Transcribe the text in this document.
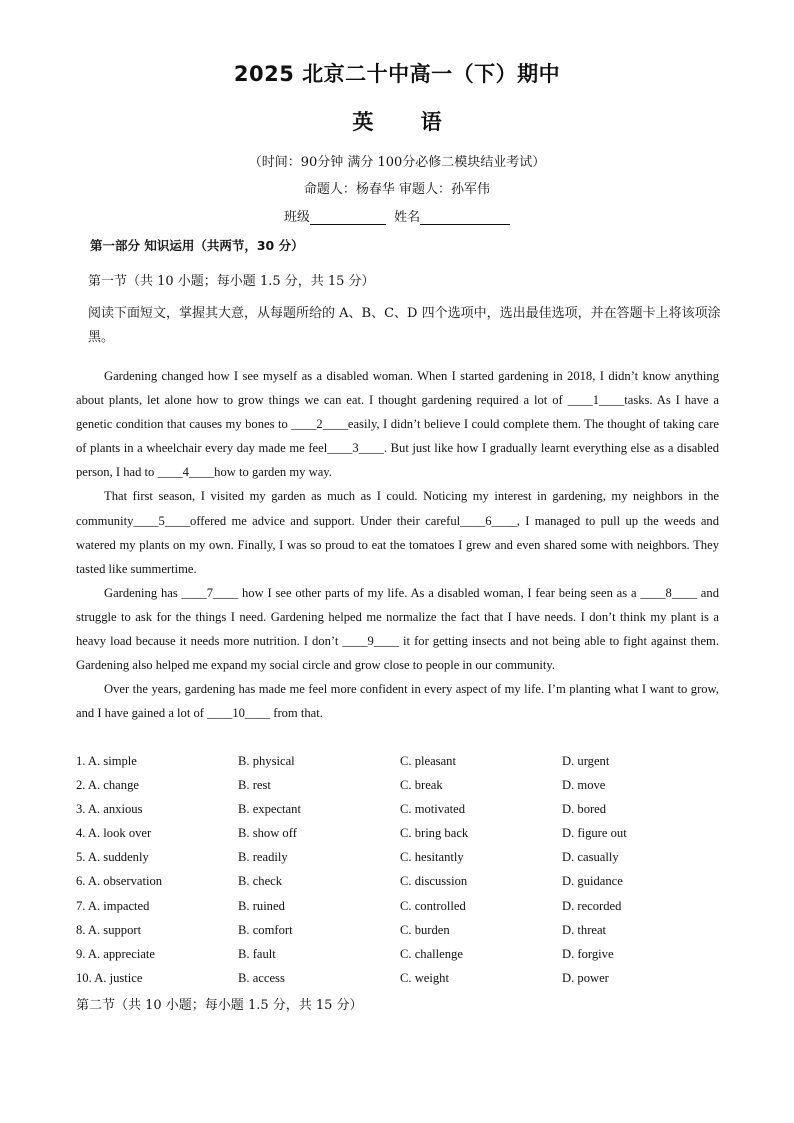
2025 北京二十中高一（下）期中
英 语
（时间：90分钟 满分 100分必修二模块结业考试）
命题人：杨春华 审题人：孙军伟
班级	姓名
第一部分 知识运用（共两节，30 分）
第一节（共 10 小题；每小题 1.5 分，共 15 分）
阅读下面短文，掌握其大意，从每题所给的 A、B、C、D 四个选项中，选出最佳选项，并在答题卡上将该项涂黑。

Gardening changed how I see myself as a disabled woman. When I started gardening in 2018, I didn’t know anything about plants, let alone how to grow things we can eat. I thought gardening required a lot of ____1____tasks. As I have a genetic condition that causes my bones to ____2____easily, I didn’t believe I could complete them. The thought of taking care of plants in a wheelchair every day made me feel____3____. But just like how I gradually learnt everything else as a disabled person, I had to ____4____how to garden my way.

That first season, I visited my garden as much as I could. Noticing my interest in gardening, my neighbors in the community____5____offered me advice and support. Under their careful____6____, I managed to pull up the weeds and watered my plants on my own. Finally, I was so proud to eat the tomatoes I grew and even shared some with neighbors. They tasted like summertime.

Gardening has ____7____ how I see other parts of my life. As a disabled woman, I fear being seen as a ____8____ and struggle to ask for the things I need. Gardening helped me normalize the fact that I have needs. I don’t think my plant is a heavy load because it needs more nutrition. I don’t ____9____ it for getting insects and not being able to fight against them. Gardening also helped me expand my social circle and grow close to people in our community.

Over the years, gardening has made me feel more confident in every aspect of my life. I’m planting what I want to grow, and I have gained a lot of ____10____ from that.

1. A. simple	B. physical	C. pleasant	D. urgent
2. A. change	B. rest	C. break	D. move
3. A. anxious	B. expectant	C. motivated	D. bored
4. A. look over	B. show off	C. bring back	D. figure out
5. A. suddenly	B. readily	C. hesitantly	D. casually
6. A. observation	B. check	C. discussion	D. guidance
7. A. impacted	B. ruined	C. controlled	D. recorded
8. A. support	B. comfort	C. burden	D. threat
9. A. appreciate	B. fault	C. challenge	D. forgive
10. A. justice	B. access	C. weight	D. power
第二节（共 10 小题；每小题 1.5 分，共 15 分）
